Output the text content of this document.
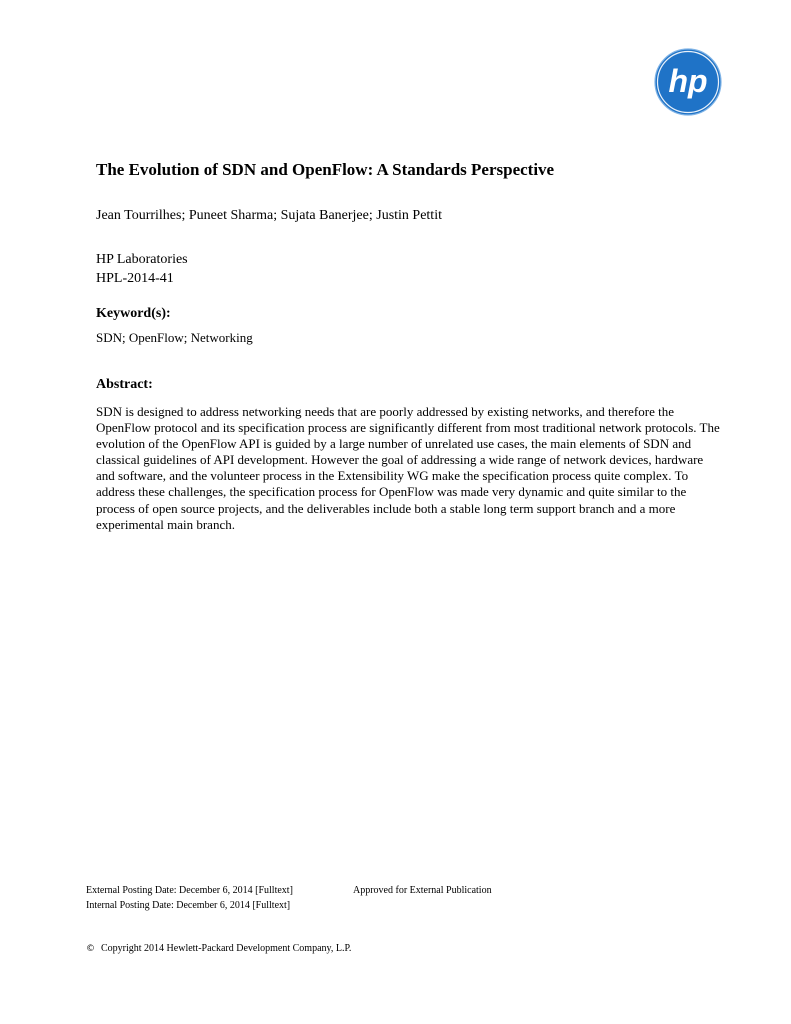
hp
The Evolution of SDN and OpenFlow: A Standards Perspective
Jean Tourrilhes; Puneet Sharma; Sujata Banerjee; Justin Pettit
HP Laboratories
HPL-2014-41
Keyword(s):
SDN; OpenFlow; Networking
Abstract:
SDN is designed to address networking needs that are poorly addressed by existing networks, and therefore the OpenFlow protocol and its specification process are significantly different from most traditional network protocols. The evolution of the OpenFlow API is guided by a large number of unrelated use cases, the main elements of SDN and classical guidelines of API development. However the goal of addressing a wide range of network devices, hardware and software, and the volunteer process in the Extensibility WG make the specification process quite complex. To address these challenges, the specification process for OpenFlow was made very dynamic and quite similar to the process of open source projects, and the deliverables include both a stable long term support branch and a more experimental main branch.
External Posting Date: December 6, 2014 [Fulltext]	Approved for External Publication
Internal Posting Date: December 6, 2014 [Fulltext]
© Copyright 2014 Hewlett-Packard Development Company, L.P.
